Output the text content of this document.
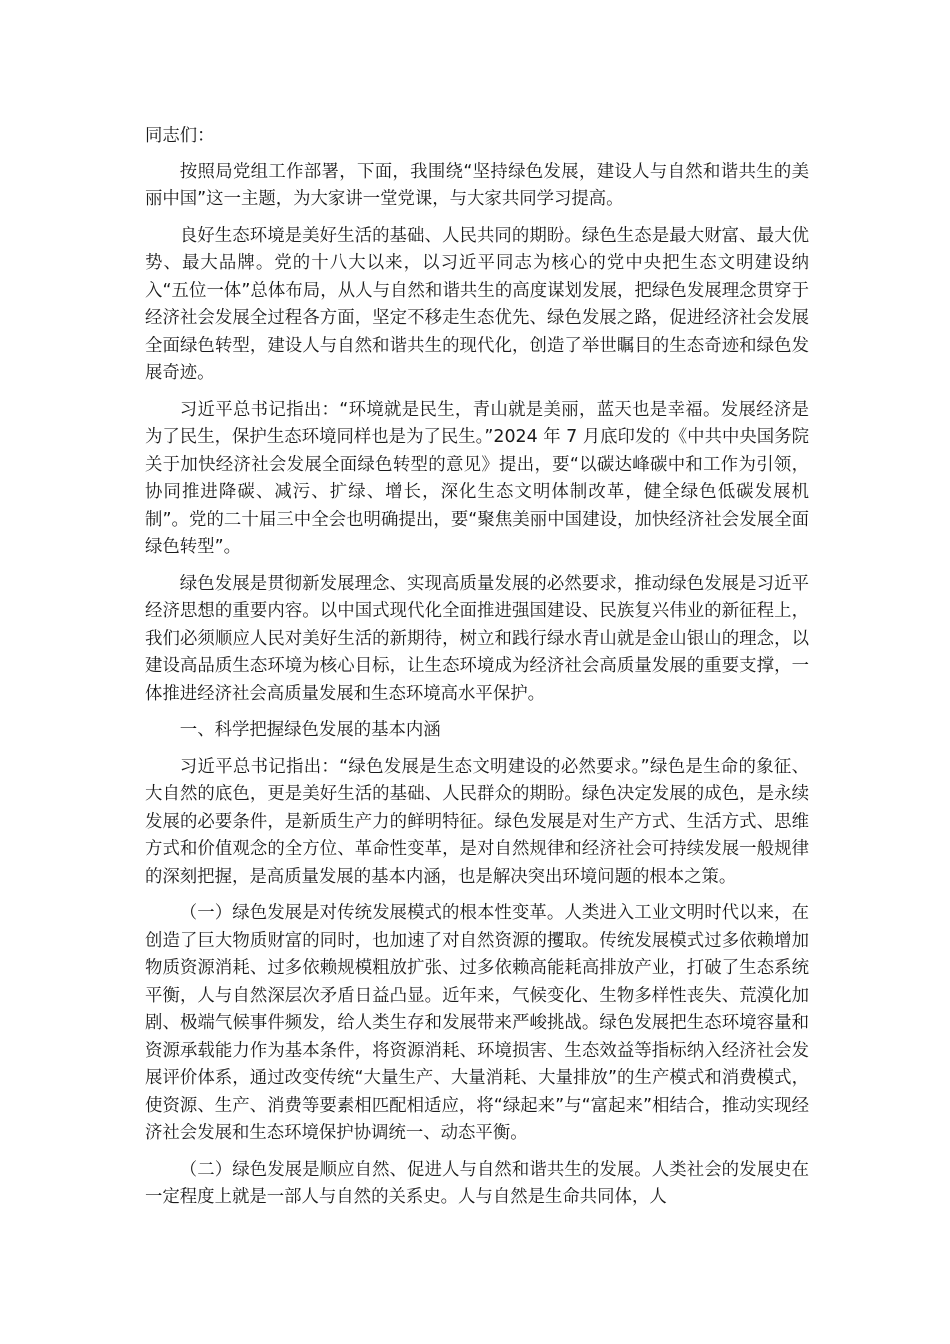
同志们：

按照局党组工作部署，下面，我围绕“坚持绿色发展，建设人与自然和谐共生的美丽中国”这一主题，为大家讲一堂党课，与大家共同学习提高。

良好生态环境是美好生活的基础、人民共同的期盼。绿色生态是最大财富、最大优势、最大品牌。党的十八大以来，以习近平同志为核心的党中央把生态文明建设纳入“五位一体”总体布局，从人与自然和谐共生的高度谋划发展，把绿色发展理念贯穿于经济社会发展全过程各方面，坚定不移走生态优先、绿色发展之路，促进经济社会发展全面绿色转型，建设人与自然和谐共生的现代化，创造了举世瞩目的生态奇迹和绿色发展奇迹。

习近平总书记指出：“环境就是民生，青山就是美丽，蓝天也是幸福。发展经济是为了民生，保护生态环境同样也是为了民生。”2024 年 7 月底印发的《中共中央国务院关于加快经济社会发展全面绿色转型的意见》提出，要“以碳达峰碳中和工作为引领，协同推进降碳、减污、扩绿、增长，深化生态文明体制改革，健全绿色低碳发展机制”。党的二十届三中全会也明确提出，要“聚焦美丽中国建设，加快经济社会发展全面绿色转型”。

绿色发展是贯彻新发展理念、实现高质量发展的必然要求，推动绿色发展是习近平经济思想的重要内容。以中国式现代化全面推进强国建设、民族复兴伟业的新征程上，我们必须顺应人民对美好生活的新期待，树立和践行绿水青山就是金山银山的理念，以建设高品质生态环境为核心目标，让生态环境成为经济社会高质量发展的重要支撑，一体推进经济社会高质量发展和生态环境高水平保护。

一、科学把握绿色发展的基本内涵

习近平总书记指出：“绿色发展是生态文明建设的必然要求。”绿色是生命的象征、大自然的底色，更是美好生活的基础、人民群众的期盼。绿色决定发展的成色，是永续发展的必要条件，是新质生产力的鲜明特征。绿色发展是对生产方式、生活方式、思维方式和价值观念的全方位、革命性变革，是对自然规律和经济社会可持续发展一般规律的深刻把握，是高质量发展的基本内涵，也是解决突出环境问题的根本之策。

（一）绿色发展是对传统发展模式的根本性变革。人类进入工业文明时代以来，在创造了巨大物质财富的同时，也加速了对自然资源的攫取。传统发展模式过多依赖增加物质资源消耗、过多依赖规模粗放扩张、过多依赖高能耗高排放产业，打破了生态系统平衡，人与自然深层次矛盾日益凸显。近年来，气候变化、生物多样性丧失、荒漠化加剧、极端气候事件频发，给人类生存和发展带来严峻挑战。绿色发展把生态环境容量和资源承载能力作为基本条件，将资源消耗、环境损害、生态效益等指标纳入经济社会发展评价体系，通过改变传统“大量生产、大量消耗、大量排放”的生产模式和消费模式，使资源、生产、消费等要素相匹配相适应，将“绿起来”与“富起来”相结合，推动实现经济社会发展和生态环境保护协调统一、动态平衡。

（二）绿色发展是顺应自然、促进人与自然和谐共生的发展。人类社会的发展史在一定程度上就是一部人与自然的关系史。人与自然是生命共同体，人
